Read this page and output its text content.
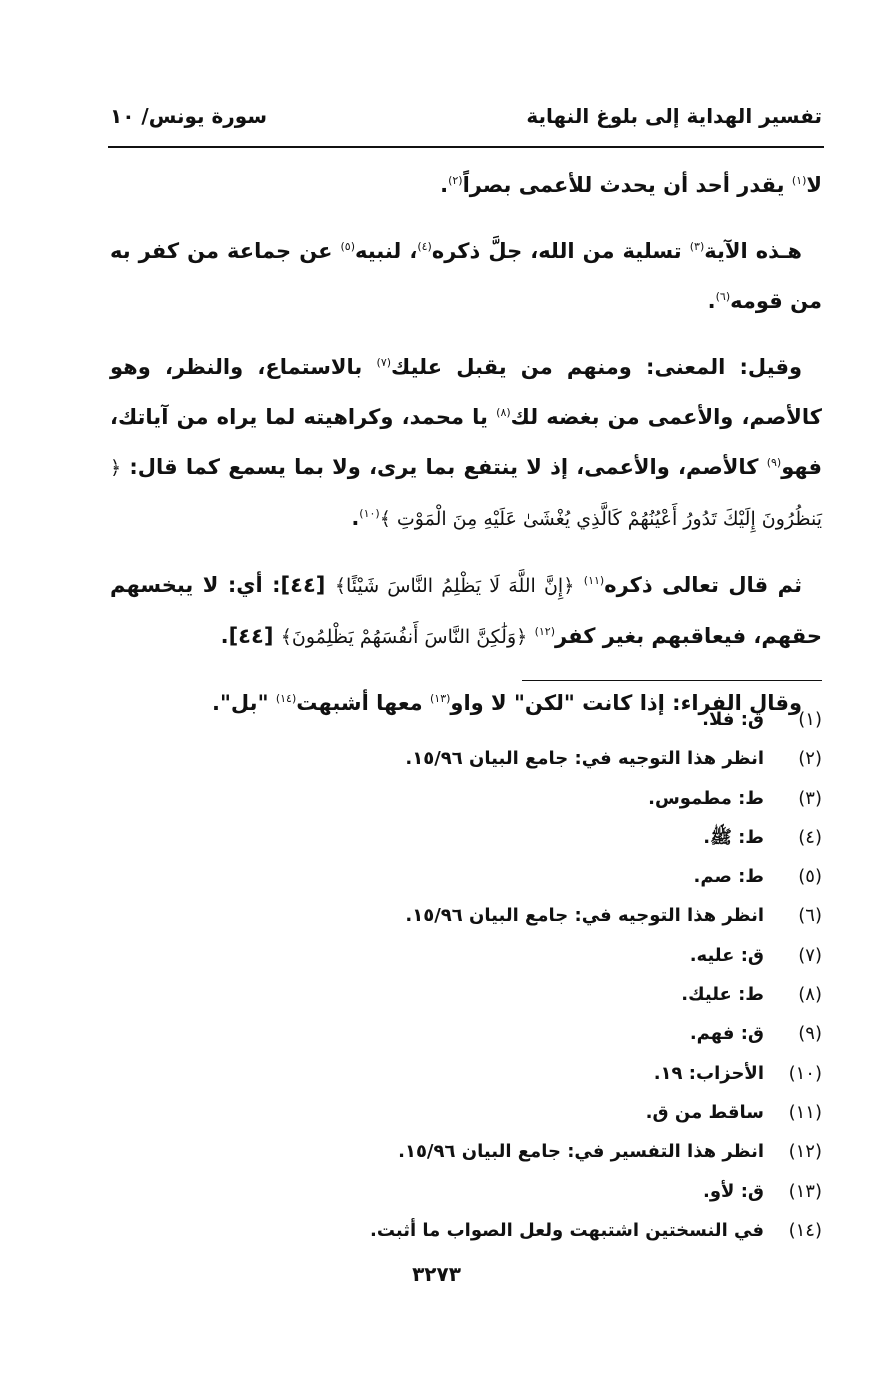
تفسير الهداية إلى بلوغ النهاية
سورة يونس/ ١٠

لا$^{(١)}$ يقدر أحد أن يحدث للأعمى بصراً$^{(٢)}$.

هـذه الآية$^{(٣)}$ تسلية من الله، جلَّ ذكره$^{(٤)}$، لنبيه$^{(٥)}$ عن جماعة من كفر به من قومه$^{(٦)}$.

وقيل: المعنى: ومنهم من يقبل عليك$^{(٧)}$ بالاستماع، والنظر، وهو كالأصم، والأعمى من بغضه لك$^{(٨)}$ يا محمد، وكراهيته لما يراه من آياتك، فهو$^{(٩)}$ كالأصم، والأعمى، إذ لا ينتفع بما يرى، ولا بما يسمع كما قال: ﴿ يَنظُرُونَ إِلَيْكَ تَدُورُ أَعْيُنُهُمْ كَالَّذِي يُغْشَىٰ عَلَيْهِ مِنَ الْمَوْتِ ﴾$^{(١٠)}$.

ثم قال تعالى ذكره$^{(١١)}$ ﴿إِنَّ اللَّهَ لَا يَظْلِمُ النَّاسَ شَيْئًا﴾ [٤٤]: أي: لا يبخسهم حقهم، فيعاقبهم بغير كفر$^{(١٢)}$ ﴿وَلَٰكِنَّ النَّاسَ أَنفُسَهُمْ يَظْلِمُونَ﴾ [٤٤].

وقال الفراء: إذا كانت "لكن" لا واو$^{(١٣)}$ معها أشبهت$^{(١٤)}$ "بل".

(١)
ق: فلا.
(٢)
انظر هذا التوجيه في: جامع البيان ١٥/٩٦.
(٣)
ط: مطموس.
(٤)
ط: ﷺ.
(٥)
ط: صم.
(٦)
انظر هذا التوجيه في: جامع البيان ١٥/٩٦.
(٧)
ق: عليه.
(٨)
ط: عليك.
(٩)
ق: فهم.
(١٠)
الأحزاب: ١٩.
(١١)
ساقط من ق.
(١٢)
انظر هذا التفسير في: جامع البيان ١٥/٩٦.
(١٣)
ق: لأو.
(١٤)
في النسختين اشتبهت ولعل الصواب ما أثبت.
٣٢٧٣
